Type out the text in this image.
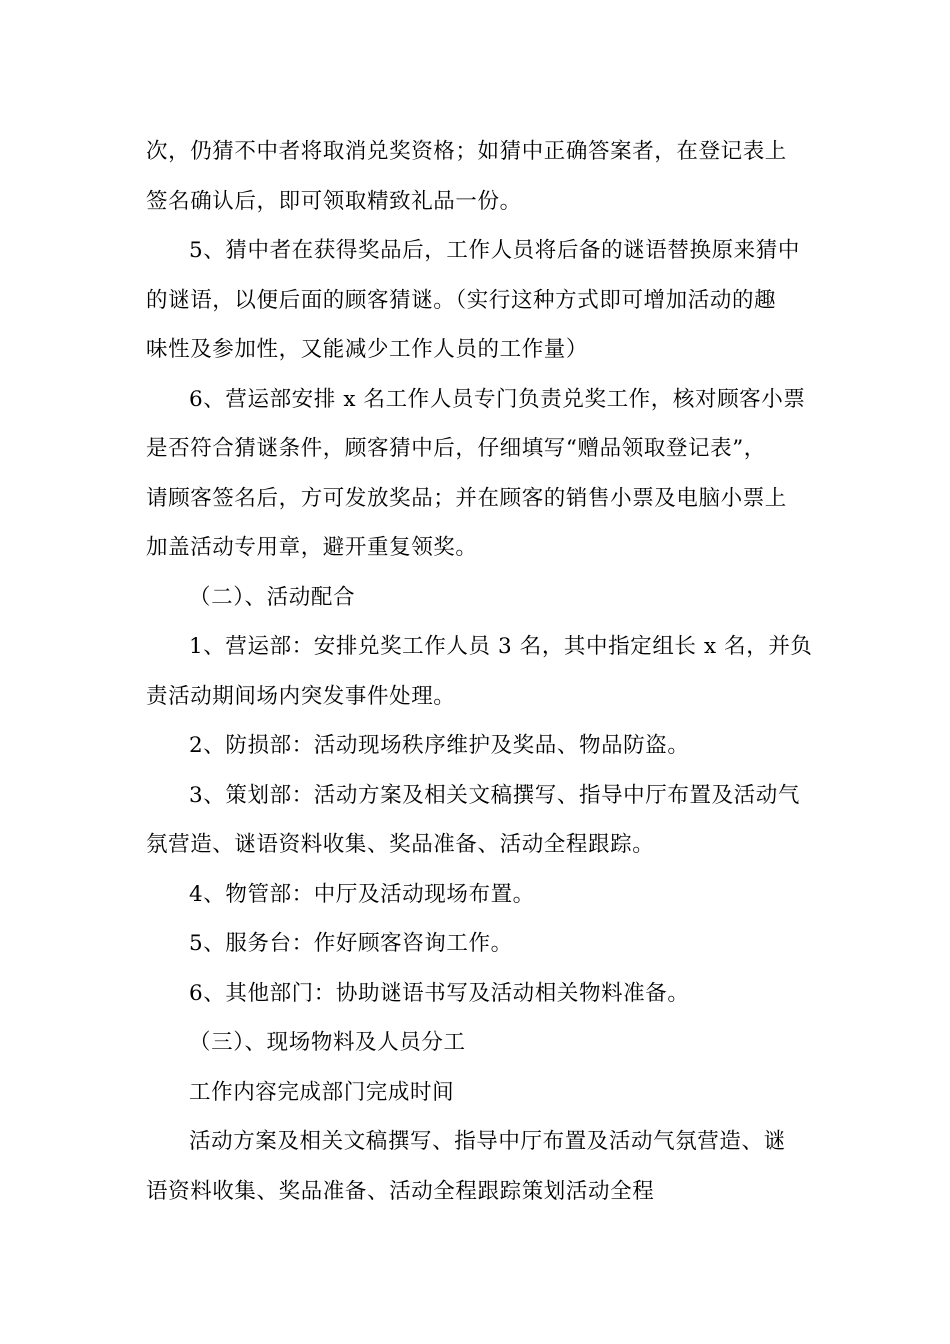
次，仍猜不中者将取消兑奖资格；如猜中正确答案者，在登记表上

签名确认后，即可领取精致礼品一份。

5、猜中者在获得奖品后，工作人员将后备的谜语替换原来猜中

的谜语，以便后面的顾客猜谜。（实行这种方式即可增加活动的趣

味性及参加性，又能减少工作人员的工作量）

6、营运部安排 x 名工作人员专门负责兑奖工作，核对顾客小票

是否符合猜谜条件，顾客猜中后，仔细填写“赠品领取登记表”，

请顾客签名后，方可发放奖品；并在顾客的销售小票及电脑小票上

加盖活动专用章，避开重复领奖。

（二）、活动配合

1、营运部：安排兑奖工作人员 3 名，其中指定组长 x 名，并负

责活动期间场内突发事件处理。

2、防损部：活动现场秩序维护及奖品、物品防盗。

3、策划部：活动方案及相关文稿撰写、指导中厅布置及活动气

氛营造、谜语资料收集、奖品准备、活动全程跟踪。

4、物管部：中厅及活动现场布置。

5、服务台：作好顾客咨询工作。

6、其他部门：协助谜语书写及活动相关物料准备。

（三）、现场物料及人员分工

工作内容完成部门完成时间

活动方案及相关文稿撰写、指导中厅布置及活动气氛营造、谜

语资料收集、奖品准备、活动全程跟踪策划活动全程
